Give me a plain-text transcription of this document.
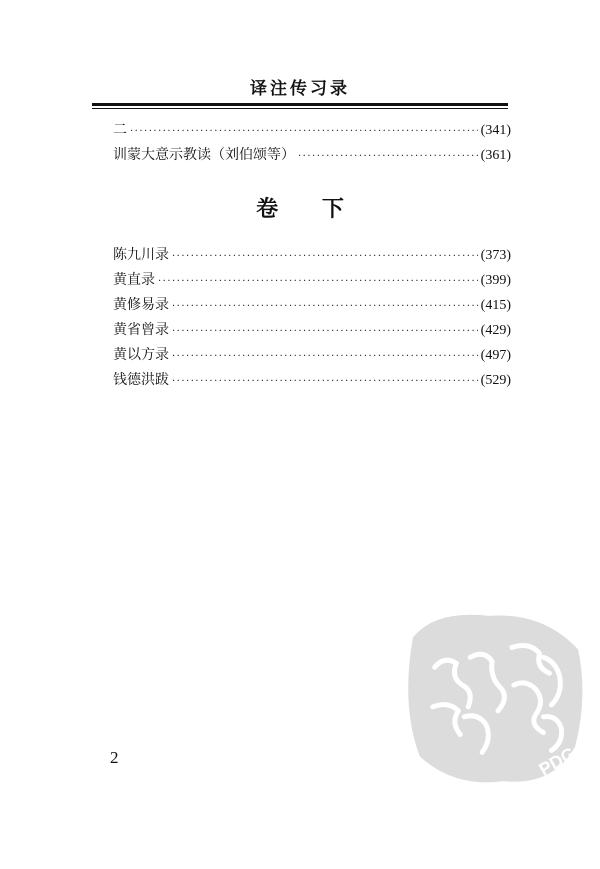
译注传习录
二 ·····	(341)
训蒙大意示教读（刘伯颂等） ·····	(361)
卷 下
陈九川录 ·····	(373)
黄直录 ·····	(399)
黄修易录 ·····	(415)
黄省曾录 ·····	(429)
黄以方录 ·····	(497)
钱德洪跋 ·····	(529)
2	PDG
